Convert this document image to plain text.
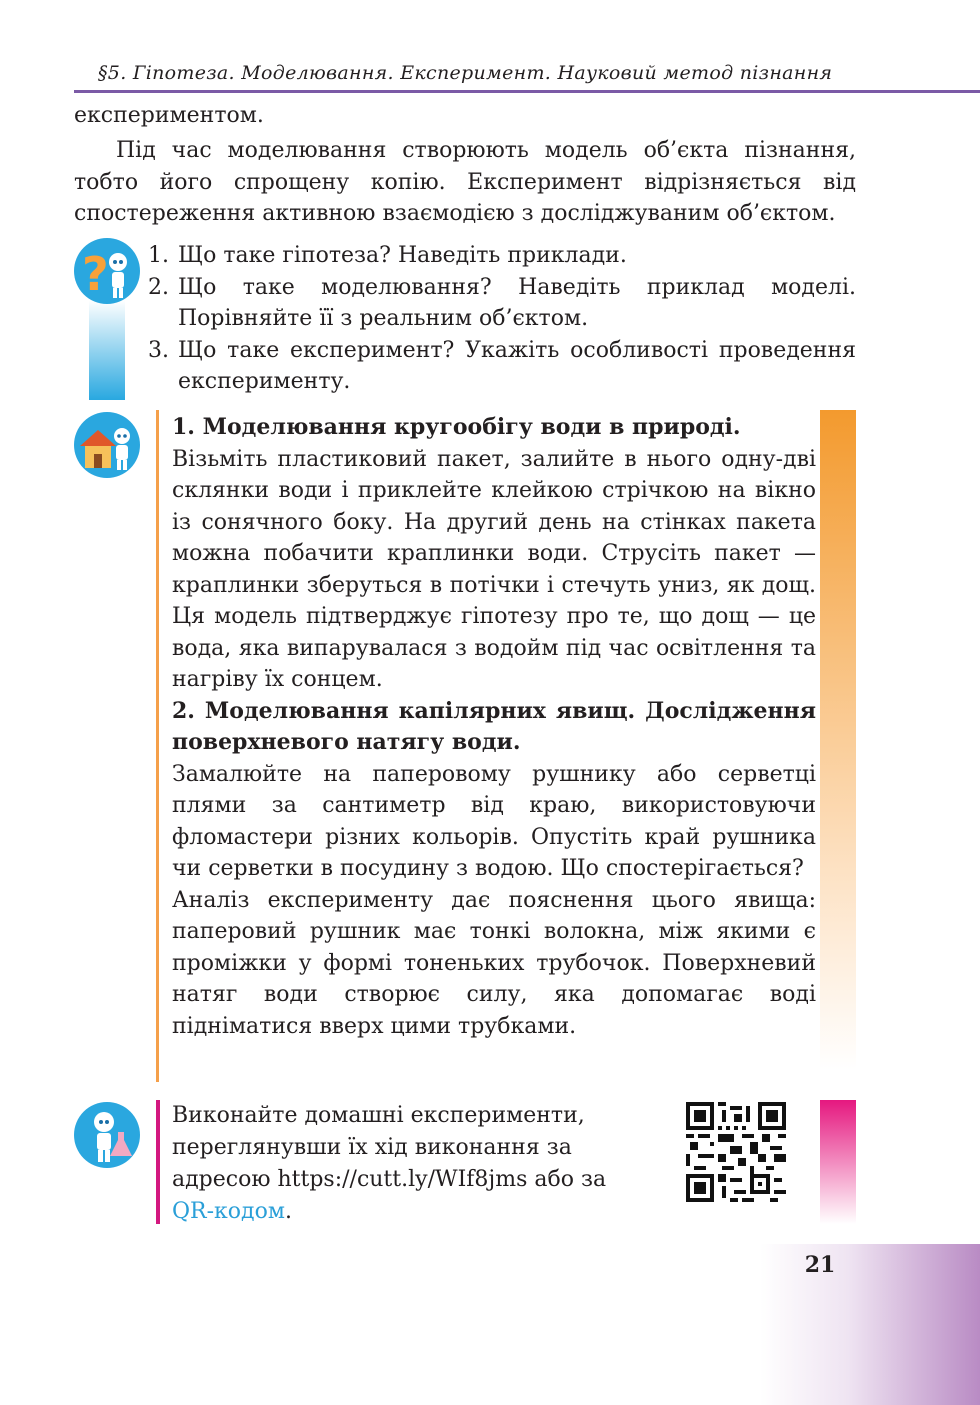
§5. Гіпотеза. Моделювання. Експеримент. Науковий метод пізнання
експериментом.
Під час моделювання створюють модель об’єкта пізнання, тобто його спрощену копію. Експеримент відрізняється від спостереження активною взаємодією з досліджуваним об’єктом.
? 1. Що таке гіпотеза? Наведіть приклади.
2. Що таке моделювання? Наведіть приклад моделі. Порівняйте її з реальним об’єктом.
3. Що таке експеримент? Укажіть особливості проведення експерименту.

1. Моделювання кругообігу води в природі.

Візьміть пластиковий пакет, залийте в нього одну-дві склянки води і приклейте клейкою стрічкою на вікно із сонячного боку. На другий день на стінках пакета можна побачити краплинки води. Струсіть пакет — краплинки зберуться в потічки і стечуть униз, як дощ. Ця модель підтверджує гіпотезу про те, що дощ — це вода, яка випарувалася з водойм під час освітлення та нагріву їх сонцем.

2. Моделювання капілярних явищ. Дослідження поверхневого натягу води.

Замалюйте на паперовому рушнику або серветці плями за сантиметр від краю, використовуючи фломастери різних кольорів. Опустіть край рушника чи серветки в посудину з водою. Що спостерігається?

Аналіз експерименту дає пояснення цього явища: паперовий рушник має тонкі волокна, між якими є проміжки у формі тоненьких трубочок. Поверхневий натяг води створює силу, яка допомагає воді підніматися вверх цими трубками.

Виконайте домашні експерименти, переглянувши їх хід виконання за адресою https://cutt.ly/WIf8jms або за QR-кодом.
21
